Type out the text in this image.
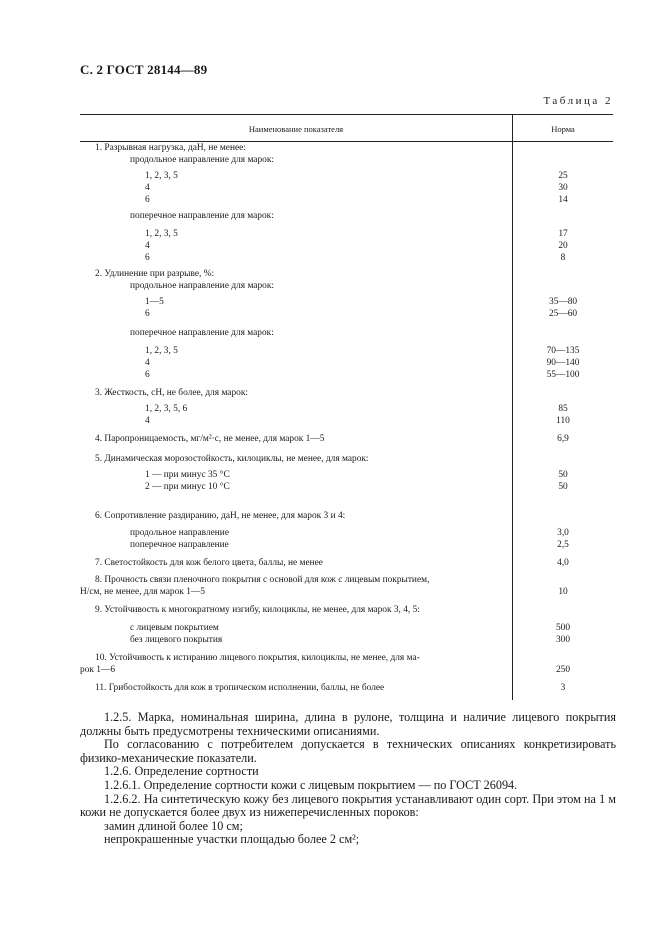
С. 2 ГОСТ 28144—89
Таблица 2
Наименование показателя	Норма
1. Разрывная нагрузка, даН, не менее:
продольное направление для марок:
1, 2, 3, 5	25
4	30
6	14
поперечное направление для марок:
1, 2, 3, 5	17
4	20
6	8
2. Удлинение при разрыве, %:
продольное направление для марок:
1—5	35—80
6	25—60
поперечное направление для марок:
1, 2, 3, 5	70—135
4	90—140
6	55—100
3. Жесткость, сН, не более, для марок:
1, 2, 3, 5, 6	85
4	110
4. Паропроницаемость, мг/м²·с, не менее, для марок 1—5	6,9
5. Динамическая морозостойкость, килоциклы, не менее, для марок:
1 — при минус 35 °С	50
2 — при минус 10 °С	50
6. Сопротивление раздиранию, даН, не менее, для марок 3 и 4:
продольное направление	3,0
поперечное направление	2,5
7. Светостойкость для кож белого цвета, баллы, не менее	4,0
8. Прочность связи пленочного покрытия с основой для кож с лицевым покрытием,
Н/см, не менее, для марок 1—5	10
9. Устойчивость к многократному изгибу, килоциклы, не менее, для марок 3, 4, 5:
с лицевым покрытием	500
без лицевого покрытия	300
10. Устойчивость к истиранию лицевого покрытия, килоциклы, не менее, для ма-
рок 1—6	250
11. Грибостойкость для кож в тропическом исполнении, баллы, не более	3

1.2.5. Марка, номинальная ширина, длина в рулоне, толщина и наличие лицевого покрытия должны быть предусмотрены техническими описаниями.

По согласованию с потребителем допускается в технических описаниях конкретизировать физико-механические показатели.

1.2.6. Определение сортности

1.2.6.1. Определение сортности кожи с лицевым покрытием — по ГОСТ 26094.

1.2.6.2. На синтетическую кожу без лицевого покрытия устанавливают один сорт. При этом на 1 м кожи не допускается более двух из нижеперечисленных пороков:

замин длиной более 10 см;

непрокрашенные участки площадью более 2 см²;
